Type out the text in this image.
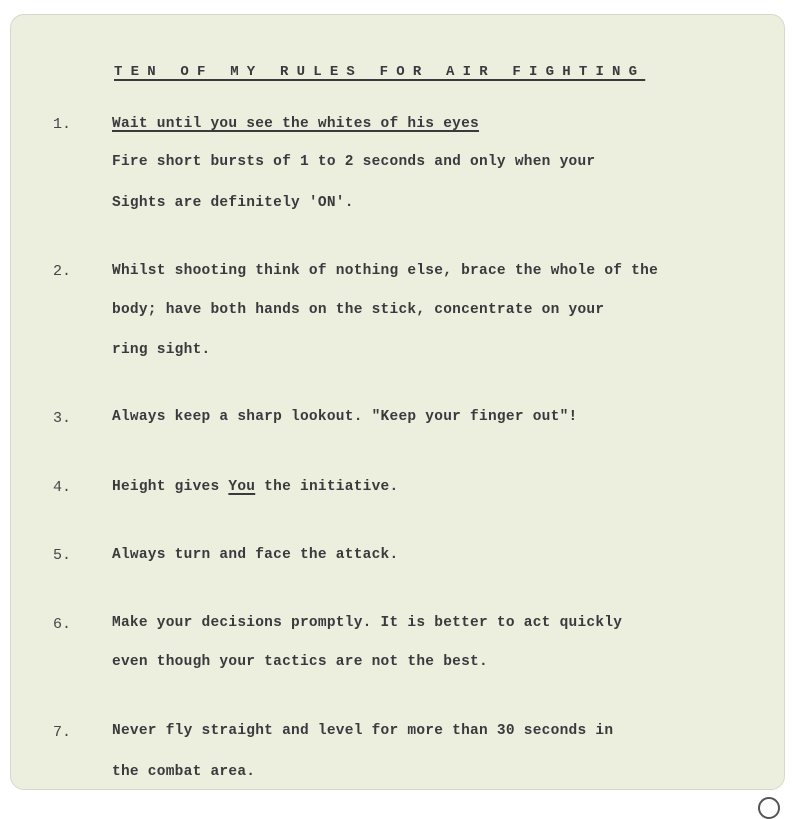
TEN OF MY RULES FOR AIR FIGHTING
1.	Wait until you see the whites of his eyes
Fire short bursts of 1 to 2 seconds and only when your
Sights are definitely 'ON'.
2.	Whilst shooting think of nothing else, brace the whole of the
body; have both hands on the stick, concentrate on your
ring sight.
3.	Always keep a sharp lookout. "Keep your finger out"!
4.	Height gives You the initiative.
5.	Always turn and face the attack.
6.	Make your decisions promptly. It is better to act quickly
even though your tactics are not the best.
7.	Never fly straight and level for more than 30 seconds in
the combat area.
